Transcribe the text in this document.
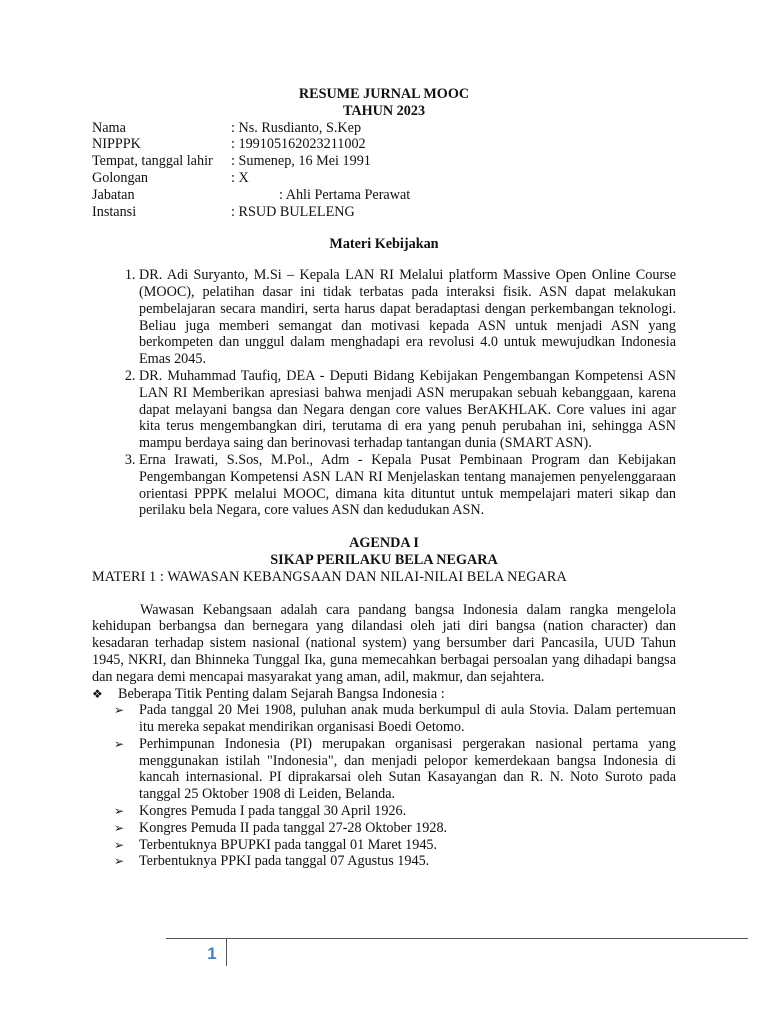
RESUME JURNAL MOOC

TAHUN 2023

Nama	: Ns. Rusdianto, S.Kep
NIPPPK	: 199105162023211002
Tempat, tanggal lahir	: Sumenep, 16 Mei 1991
Golongan	: X
Jabatan	: Ahli Pertama Perawat
Instansi	: RSUD BULELENG

Materi Kebijakan

1. DR. Adi Suryanto, M.Si – Kepala LAN RI Melalui platform Massive Open Online Course (MOOC), pelatihan dasar ini tidak terbatas pada interaksi fisik. ASN dapat melakukan pembelajaran secara mandiri, serta harus dapat beradaptasi dengan perkembangan teknologi. Beliau juga memberi semangat dan motivasi kepada ASN untuk menjadi ASN yang berkompeten dan unggul dalam menghadapi era revolusi 4.0 untuk mewujudkan Indonesia Emas 2045.
2. DR. Muhammad Taufiq, DEA - Deputi Bidang Kebijakan Pengembangan Kompetensi ASN LAN RI Memberikan apresiasi bahwa menjadi ASN merupakan sebuah kebanggaan, karena dapat melayani bangsa dan Negara dengan core values BerAKHLAK. Core values ini agar kita terus mengembangkan diri, terutama di era yang penuh perubahan ini, sehingga ASN mampu berdaya saing dan berinovasi terhadap tantangan dunia (SMART ASN).
3. Erna Irawati, S.Sos, M.Pol., Adm - Kepala Pusat Pembinaan Program dan Kebijakan Pengembangan Kompetensi ASN LAN RI Menjelaskan tentang manajemen penyelenggaraan orientasi PPPK melalui MOOC, dimana kita dituntut untuk mempelajari materi sikap dan perilaku bela Negara, core values ASN dan kedudukan ASN.

AGENDA I

SIKAP PERILAKU BELA NEGARA

MATERI 1 : WAWASAN KEBANGSAAN DAN NILAI-NILAI BELA NEGARA

Wawasan Kebangsaan adalah cara pandang bangsa Indonesia dalam rangka mengelola kehidupan berbangsa dan bernegara yang dilandasi oleh jati diri bangsa (nation character) dan kesadaran terhadap sistem nasional (national system) yang bersumber dari Pancasila, UUD Tahun 1945, NKRI, dan Bhinneka Tunggal Ika, guna memecahkan berbagai persoalan yang dihadapi bangsa dan negara demi mencapai masyarakat yang aman, adil, makmur, dan sejahtera.

❖	Beberapa Titik Penting dalam Sejarah Bangsa Indonesia :
➢	Pada tanggal 20 Mei 1908, puluhan anak muda berkumpul di aula Stovia. Dalam pertemuan itu mereka sepakat mendirikan organisasi Boedi Oetomo.
➢	Perhimpunan Indonesia (PI) merupakan organisasi pergerakan nasional pertama yang menggunakan istilah "Indonesia", dan menjadi pelopor kemerdekaan bangsa Indonesia di kancah internasional. PI diprakarsai oleh Sutan Kasayangan dan R. N. Noto Suroto pada tanggal 25 Oktober 1908 di Leiden, Belanda.
➢	Kongres Pemuda I pada tanggal 30 April 1926.
➢	Kongres Pemuda II pada tanggal 27-28 Oktober 1928.
➢	Terbentuknya BPUPKI pada tanggal 01 Maret 1945.
➢	Terbentuknya PPKI pada tanggal 07 Agustus 1945.
1
